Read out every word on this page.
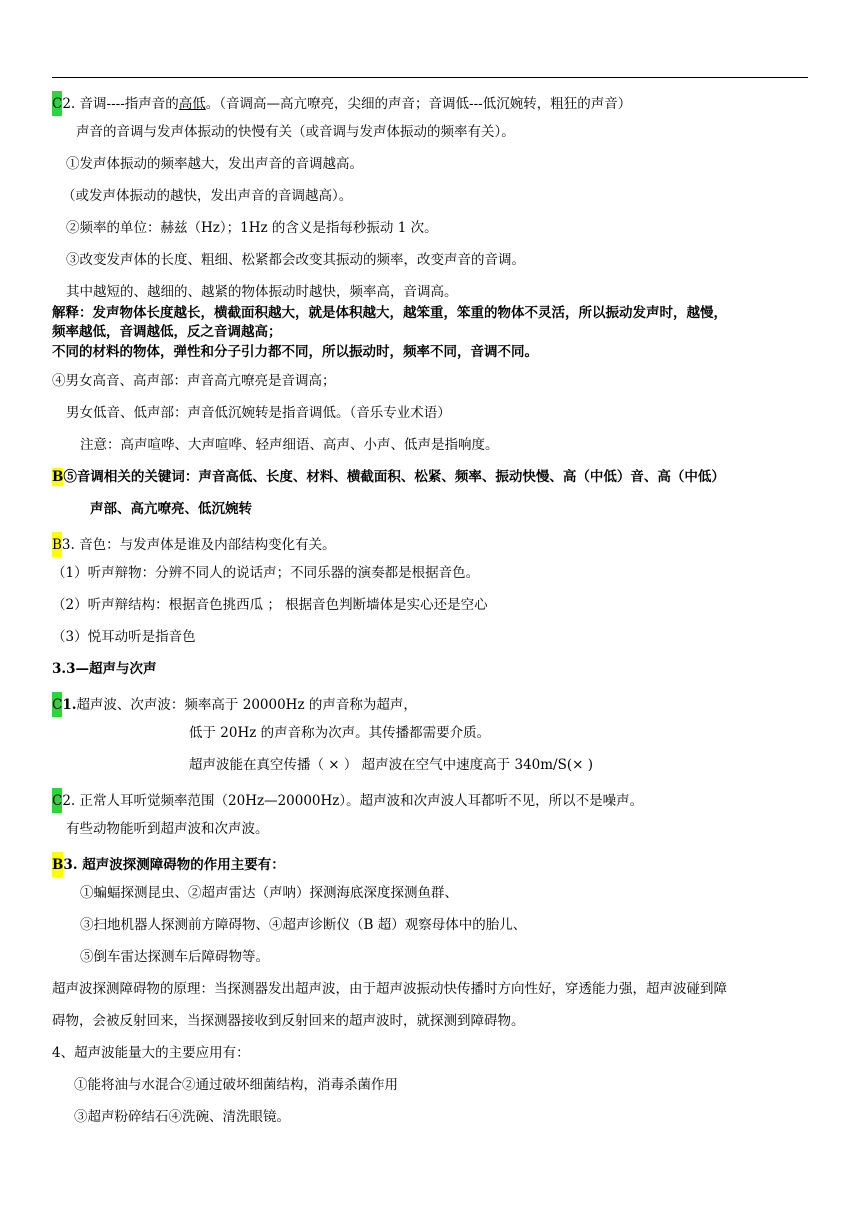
C2. 音调----指声音的高低。（音调高—高亢嘹亮，尖细的声音；音调低---低沉婉转，粗狂的声音）
声音的音调与发声体振动的快慢有关（或音调与发声体振动的频率有关）。
①发声体振动的频率越大，发出声音的音调越高。
（或发声体振动的越快，发出声音的音调越高）。
②频率的单位：赫兹（Hz）；1Hz 的含义是指每秒振动 1 次。
③改变发声体的长度、粗细、松紧都会改变其振动的频率，改变声音的音调。
其中越短的、越细的、越紧的物体振动时越快，频率高，音调高。
解释：发声物体长度越长，横截面积越大，就是体积越大，越笨重，笨重的物体不灵活，所以振动发声时，越慢，
频率越低，音调越低，反之音调越高；
不同的材料的物体，弹性和分子引力都不同，所以振动时，频率不同，音调不同。
④男女高音、高声部：声音高亢嘹亮是音调高；
男女低音、低声部：声音低沉婉转是指音调低。（音乐专业术语）
注意：高声喧哗、大声喧哗、轻声细语、高声、小声、低声是指响度。
B⑤音调相关的关键词：声音高低、长度、材料、横截面积、松紧、频率、振动快慢、高（中低）音、高（中低）
声部、高亢嘹亮、低沉婉转
B3. 音色：与发声体是谁及内部结构变化有关。
（1）听声辩物：分辨不同人的说话声；不同乐器的演奏都是根据音色。
（2）听声辩结构：根据音色挑西瓜 ； 根据音色判断墙体是实心还是空心
（3）悦耳动听是指音色
3.3—超声与次声
C1.超声波、次声波：频率高于 20000Hz 的声音称为超声，
低于 20Hz 的声音称为次声。其传播都需要介质。
超声波能在真空传播（ × ） 超声波在空气中速度高于 340m/S(× )
C2. 正常人耳听觉频率范围（20Hz—20000Hz）。超声波和次声波人耳都听不见，所以不是噪声。
有些动物能听到超声波和次声波。
B3. 超声波探测障碍物的作用主要有：
①蝙蝠探测昆虫、②超声雷达（声呐）探测海底深度探测鱼群、
③扫地机器人探测前方障碍物、④超声诊断仪（B 超）观察母体中的胎儿、
⑤倒车雷达探测车后障碍物等。
超声波探测障碍物的原理：当探测器发出超声波，由于超声波振动快传播时方向性好，穿透能力强，超声波碰到障
碍物，会被反射回来，当探测器接收到反射回来的超声波时，就探测到障碍物。
4、超声波能量大的主要应用有：
①能将油与水混合②通过破坏细菌结构，消毒杀菌作用
③超声粉碎结石④洗碗、清洗眼镜。
